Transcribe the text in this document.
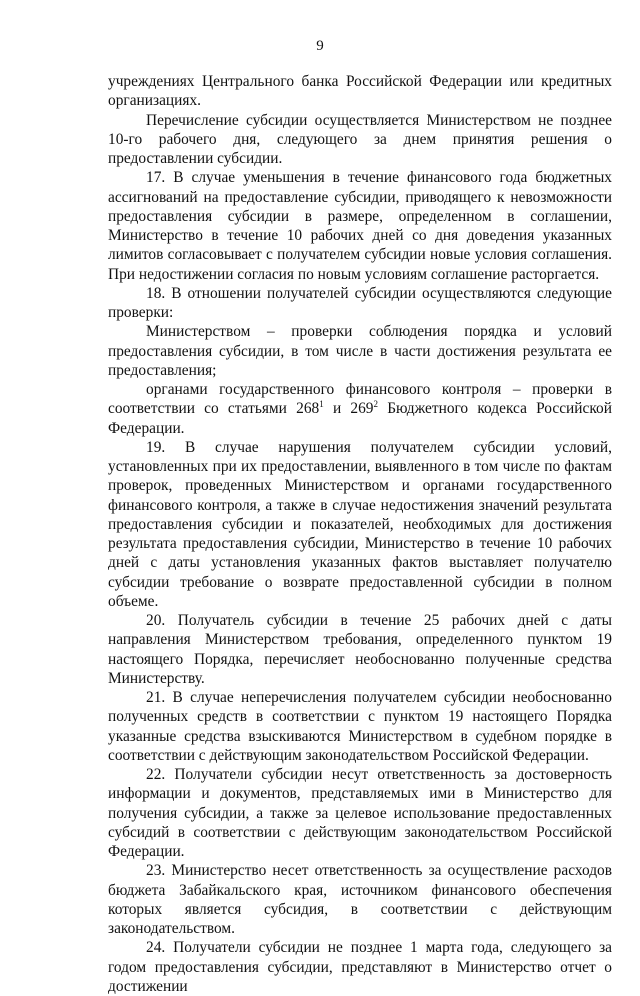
9

учреждениях Центрального банка Российской Федерации или кредитных организациях.

Перечисление субсидии осуществляется Министерством не позднее 10-го рабочего дня, следующего за днем принятия решения о предоставлении субсидии.

17. В случае уменьшения в течение финансового года бюджетных ассигнований на предоставление субсидии, приводящего к невозможности предоставления субсидии в размере, определенном в соглашении, Министерство в течение 10 рабочих дней со дня доведения указанных лимитов согласовывает с получателем субсидии новые условия соглашения. При недостижении согласия по новым условиям соглашение расторгается.

18. В отношении получателей субсидии осуществляются следующие проверки:

Министерством – проверки соблюдения порядка и условий предоставления субсидии, в том числе в части достижения результата ее предоставления;

органами государственного финансового контроля – проверки в соответствии со статьями $268^1$ и $269^2$ Бюджетного кодекса Российской Федерации.

19. В случае нарушения получателем субсидии условий, установленных при их предоставлении, выявленного в том числе по фактам проверок, проведенных Министерством и органами государственного финансового контроля, а также в случае недостижения значений результата предоставления субсидии и показателей, необходимых для достижения результата предоставления субсидии, Министерство в течение 10 рабочих дней с даты установления указанных фактов выставляет получателю субсидии требование о возврате предоставленной субсидии в полном объеме.

20. Получатель субсидии в течение 25 рабочих дней с даты направления Министерством требования, определенного пунктом 19 настоящего Порядка, перечисляет необоснованно полученные средства Министерству.

21. В случае неперечисления получателем субсидии необоснованно полученных средств в соответствии с пунктом 19 настоящего Порядка указанные средства взыскиваются Министерством в судебном порядке в соответствии с действующим законодательством Российской Федерации.

22. Получатели субсидии несут ответственность за достоверность информации и документов, представляемых ими в Министерство для получения субсидии, а также за целевое использование предоставленных субсидий в соответствии с действующим законодательством Российской Федерации.

23. Министерство несет ответственность за осуществление расходов бюджета Забайкальского края, источником финансового обеспечения которых является субсидия, в соответствии с действующим законодательством.

24. Получатели субсидии не позднее 1 марта года, следующего за годом предоставления субсидии, представляют в Министерство отчет о достижении
